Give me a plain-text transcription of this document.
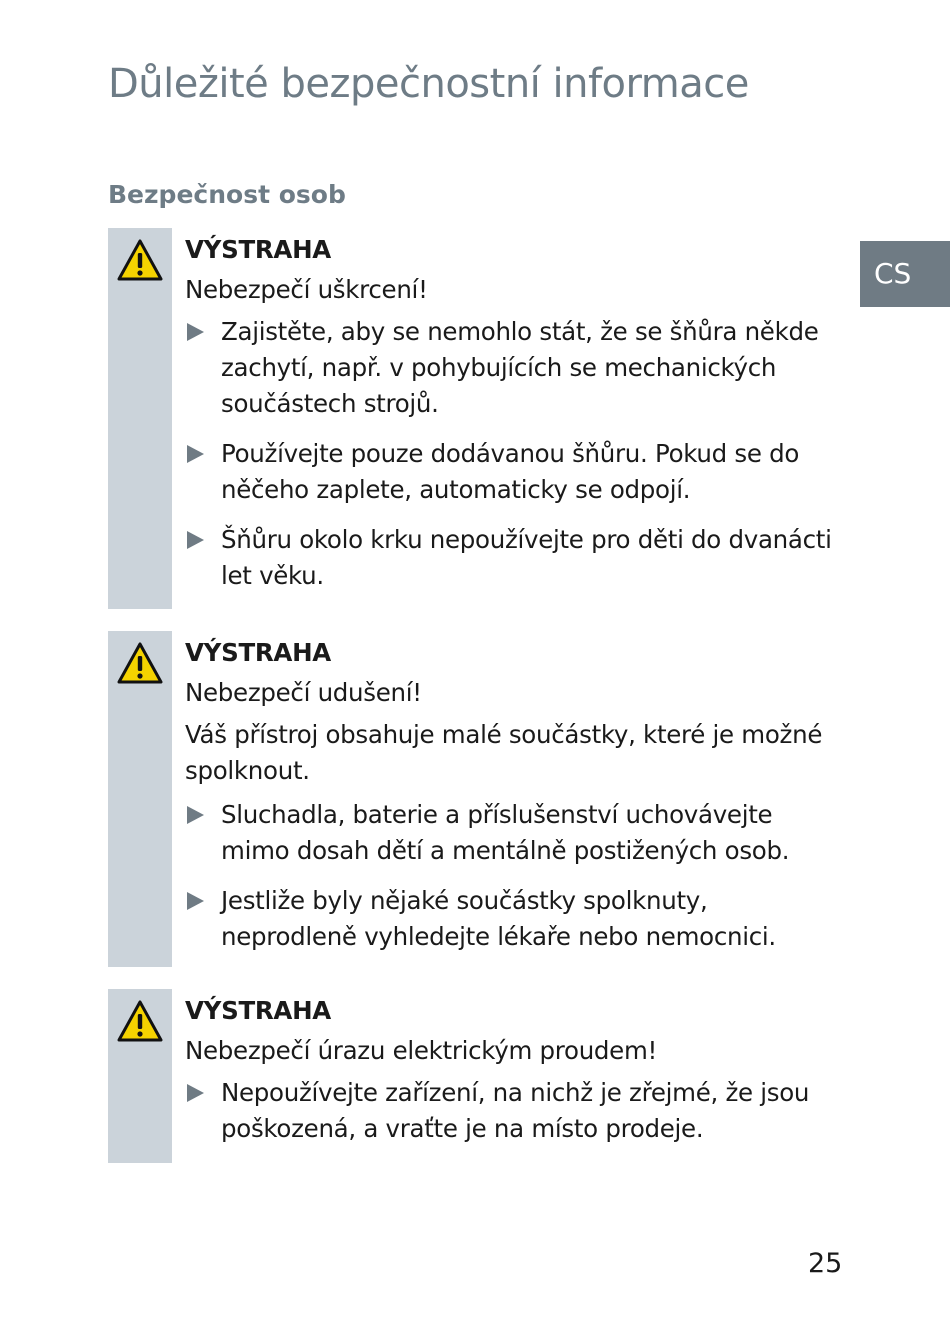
Důležité bezpečnostní informace
Bezpečnost osob
CS
VÝSTRAHA
Nebezpečí uškrcení!
Zajistěte, aby se nemohlo stát, že se šňůra někde zachytí, např. v pohybujících se mechanických součástech strojů.
Používejte pouze dodávanou šňůru. Pokud se do něčeho zaplete, automaticky se odpojí.
Šňůru okolo krku nepoužívejte pro děti do dvanácti let věku.
VÝSTRAHA
Nebezpečí udušení!
Váš přístroj obsahuje malé součástky, které je možné spolknout.
Sluchadla, baterie a příslušenství uchovávejte mimo dosah dětí a mentálně postižených osob.
Jestliže byly nějaké součástky spolknuty, neprodleně vyhledejte lékaře nebo nemocnici.
VÝSTRAHA
Nebezpečí úrazu elektrickým proudem!
Nepoužívejte zařízení, na nichž je zřejmé, že jsou poškozená, a vraťte je na místo prodeje.
25
